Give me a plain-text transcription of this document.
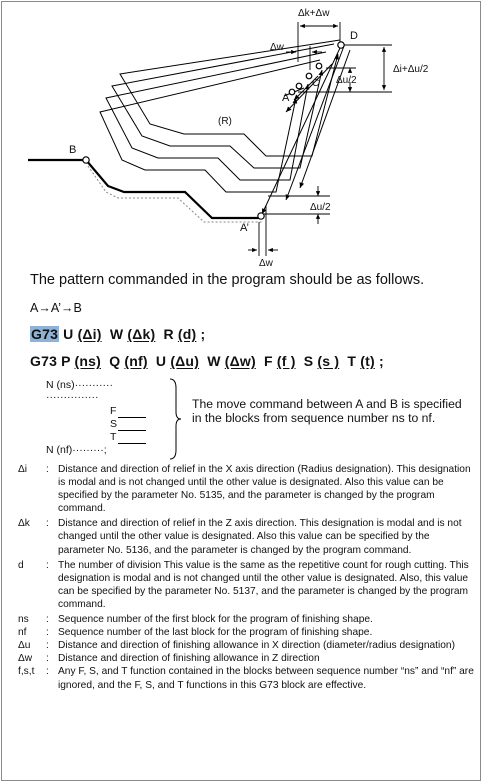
Δk+Δw
Δw
D
Δi+Δu/2
Δu/2
A
C
(R)
B
Δu/2
A’
Δw
The pattern commanded in the program should be as follows.
A→A’→B
G73 U (Δi) W (Δk) R (d) ;
G73 P (ns) Q (nf) U (Δu) W (Δw) F (f ) S (s ) T (t) ;
N (ns)···········
···············
F
S
T
N (nf)·········;
The move command between A and B is specified in the blocks from sequence number ns to nf.
Δi	: Distance and direction of relief in the X axis direction (Radius designation). This designation is modal and is not changed until the other value is designated. Also this value can be specified by the parameter No. 5135, and the parameter is changed by the program command.
Δk	: Distance and direction of relief in the Z axis direction. This designation is modal and is not changed until the other value is designated. Also this value can be specified by the parameter No. 5136, and the parameter is changed by the program command.
d	: The number of division This value is the same as the repetitive count for rough cutting. This designation is modal and is not changed until the other value is designated. Also, this value can be specified by the parameter No. 5137, and the parameter is changed by the program command.
ns	: Sequence number of the first block for the program of finishing shape.
nf	: Sequence number of the last block for the program of finishing shape.
Δu	: Distance and direction of finishing allowance in X direction (diameter/radius designation)
Δw	: Distance and direction of finishing allowance in Z direction
f,s,t	: Any F, S, and T function contained in the blocks between sequence number “ns” and “nf” are ignored, and the F, S, and T functions in this G73 block are effective.
